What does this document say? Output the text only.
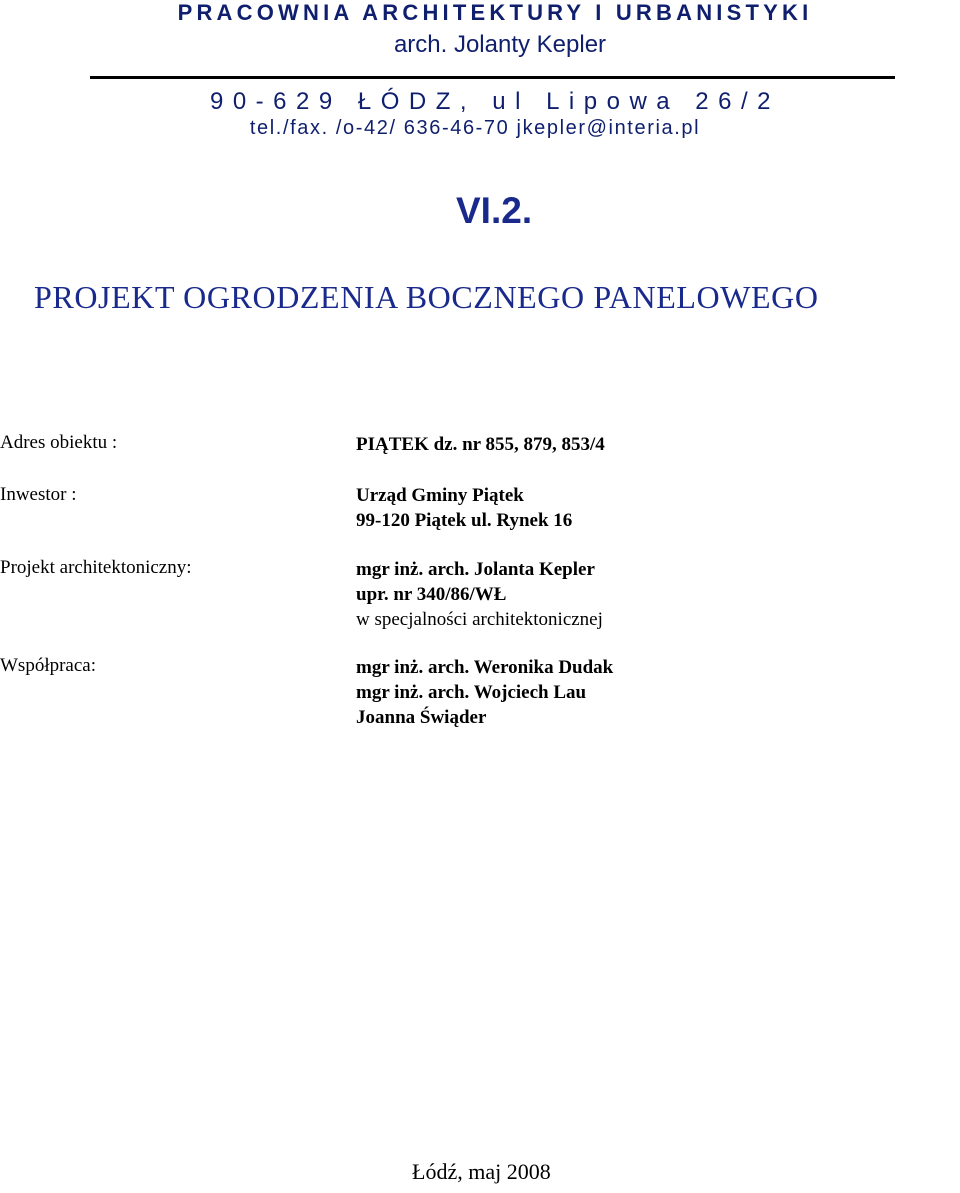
PRACOWNIA ARCHITEKTURY I URBANISTYKI
arch. Jolanty Kepler
90-629 ŁÓDZ, ul Lipowa 26/2
tel./fax. /o-42/ 636-46-70 jkepler@interia.pl
VI.2.
PROJEKT OGRODZENIA BOCZNEGO PANELOWEGO
Adres obiektu :	PIĄTEK dz. nr 855, 879, 853/4
Inwestor :	Urząd Gminy Piątek
99-120 Piątek ul. Rynek 16
Projekt architektoniczny:	mgr inż. arch. Jolanta Kepler
upr. nr 340/86/WŁ
w specjalności architektonicznej
Współpraca:	mgr inż. arch. Weronika Dudak
mgr inż. arch. Wojciech Lau
Joanna Świąder
Łódź, maj 2008
